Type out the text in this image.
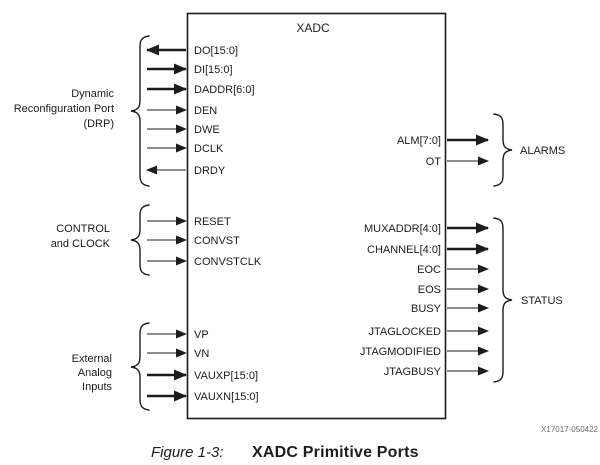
XADC
DO[15:0]
DI[15:0]
DADDR[6:0]
DEN
DWE
DCLK
DRDY
Dynamic
Reconfiguration Port
(DRP)
RESET
CONVST
CONVSTCLK
CONTROL
and CLOCK
VP
VN
VAUXP[15:0]
VAUXN[15:0]
External
Analog
Inputs
ALM[7:0]
OT
ALARMS
MUXADDR[4:0]
CHANNEL[4:0]
EOC
EOS
BUSY
JTAGLOCKED
JTAGMODIFIED
JTAGBUSY
STATUS
X17017-050422
Figure 1-3: XADC Primitive Ports
